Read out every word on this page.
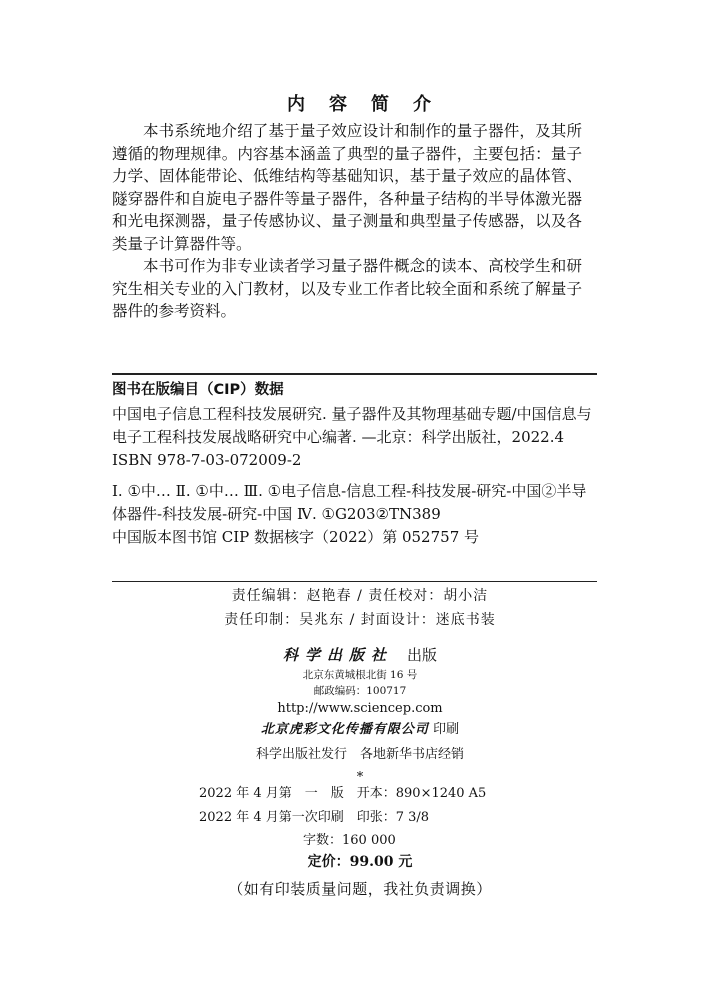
内 容 简 介

本书系统地介绍了基于量子效应设计和制作的量子器件，及其所遵循的物理规律。内容基本涵盖了典型的量子器件，主要包括：量子力学、固体能带论、低维结构等基础知识，基于量子效应的晶体管、隧穿器件和自旋电子器件等量子器件，各种量子结构的半导体激光器和光电探测器，量子传感协议、量子测量和典型量子传感器，以及各类量子计算器件等。

本书可作为非专业读者学习量子器件概念的读本、高校学生和研究生相关专业的入门教材，以及专业工作者比较全面和系统了解量子器件的参考资料。

图书在版编目（CIP）数据
中国电子信息工程科技发展研究. 量子器件及其物理基础专题/中国信息与电子工程科技发展战略研究中心编著. —北京：科学出版社，2022.4
ISBN 978-7-03-072009-2
Ⅰ. ①中… Ⅱ. ①中… Ⅲ. ①电子信息-信息工程-科技发展-研究-中国②半导体器件-科技发展-研究-中国 Ⅳ. ①G203②TN389
中国版本图书馆 CIP 数据核字（2022）第 052757 号
责任编辑：赵艳春 / 责任校对：胡小洁
责任印制：吴兆东 / 封面设计：迷底书装
科学出版社 出版
北京东黄城根北街 16 号
邮政编码：100717
http://www.sciencep.com
北京虎彩文化传播有限公司 印刷
科学出版社发行　各地新华书店经销
*
2022 年 4 月第　一　版　开本：890×1240 A5
2022 年 4 月第一次印刷　印张：7 3/8
字数：160 000
定价：99.00 元
（如有印装质量问题，我社负责调换）
